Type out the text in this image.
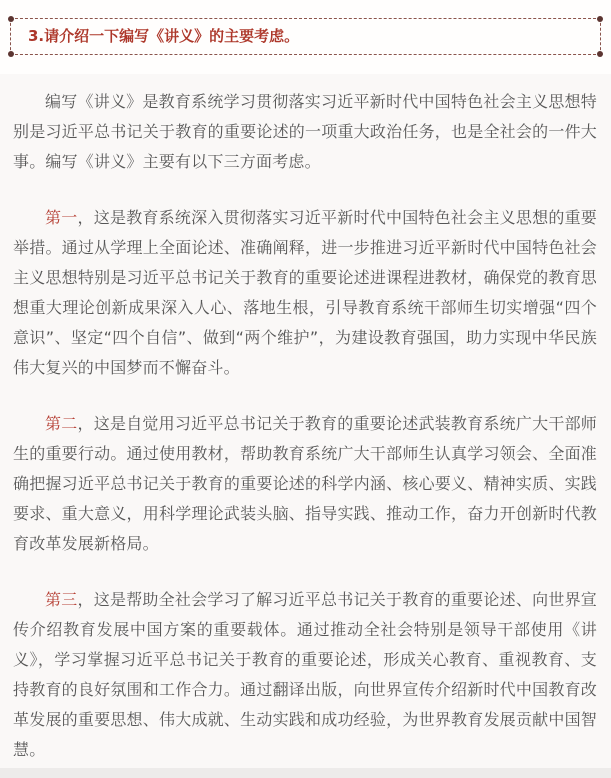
3.请介绍一下编写《讲义》的主要考虑。

编写《讲义》是教育系统学习贯彻落实习近平新时代中国特色社会主义思想特别是习近平总书记关于教育的重要论述的一项重大政治任务，也是全社会的一件大事。编写《讲义》主要有以下三方面考虑。

第一，这是教育系统深入贯彻落实习近平新时代中国特色社会主义思想的重要举措。通过从学理上全面论述、准确阐释，进一步推进习近平新时代中国特色社会主义思想特别是习近平总书记关于教育的重要论述进课程进教材，确保党的教育思想重大理论创新成果深入人心、落地生根，引导教育系统干部师生切实增强“四个意识”、坚定“四个自信”、做到“两个维护”，为建设教育强国，助力实现中华民族伟大复兴的中国梦而不懈奋斗。

第二，这是自觉用习近平总书记关于教育的重要论述武装教育系统广大干部师生的重要行动。通过使用教材，帮助教育系统广大干部师生认真学习领会、全面准确把握习近平总书记关于教育的重要论述的科学内涵、核心要义、精神实质、实践要求、重大意义，用科学理论武装头脑、指导实践、推动工作，奋力开创新时代教育改革发展新格局。

第三，这是帮助全社会学习了解习近平总书记关于教育的重要论述、向世界宣传介绍教育发展中国方案的重要载体。通过推动全社会特别是领导干部使用《讲义》，学习掌握习近平总书记关于教育的重要论述，形成关心教育、重视教育、支持教育的良好氛围和工作合力。通过翻译出版，向世界宣传介绍新时代中国教育改革发展的重要思想、伟大成就、生动实践和成功经验，为世界教育发展贡献中国智慧。
